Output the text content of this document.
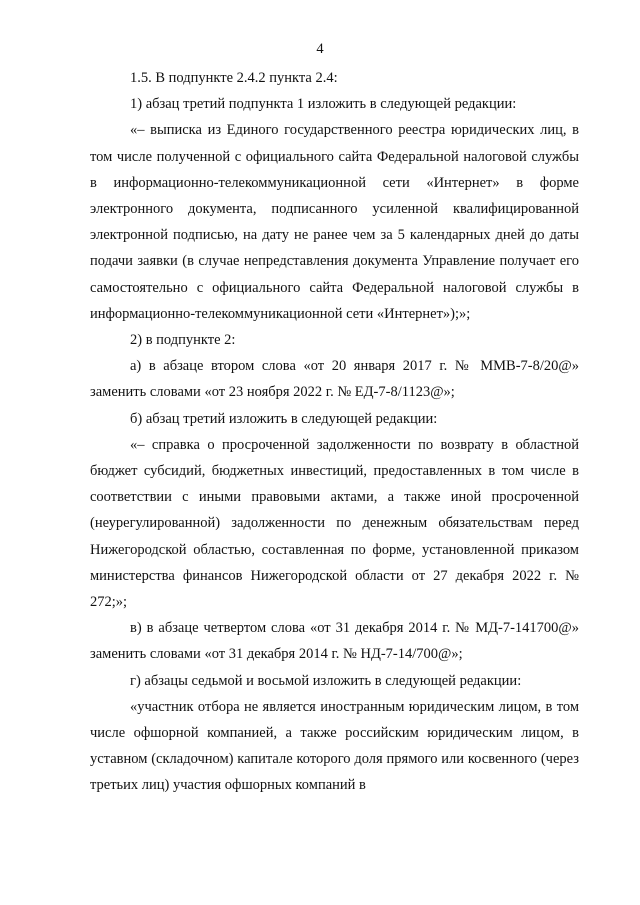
4

1.5. В подпункте 2.4.2 пункта 2.4:

1) абзац третий подпункта 1 изложить в следующей редакции:

«– выписка из Единого государственного реестра юридических лиц, в том числе полученной с официального сайта Федеральной налоговой службы в информационно-телекоммуникационной сети «Интернет» в форме электронного документа, подписанного усиленной квалифицированной электронной подписью, на дату не ранее чем за 5 календарных дней до даты подачи заявки (в случае непредставления документа Управление получает его самостоятельно с официального сайта Федеральной налоговой службы в информационно-телекоммуникационной сети «Интернет»);»;

2) в подпункте 2:

а) в абзаце втором слова «от 20 января 2017 г. № ММВ-7-8/20@» заменить словами «от 23 ноября 2022 г. № ЕД-7-8/1123@»;

б) абзац третий изложить в следующей редакции:

«– справка о просроченной задолженности по возврату в областной бюджет субсидий, бюджетных инвестиций, предоставленных в том числе в соответствии с иными правовыми актами, а также иной просроченной (неурегулированной) задолженности по денежным обязательствам перед Нижегородской областью, составленная по форме, установленной приказом министерства финансов Нижегородской области от 27 декабря 2022 г. № 272;»;

в) в абзаце четвертом слова «от 31 декабря 2014 г. № МД-7-141700@» заменить словами «от 31 декабря 2014 г. № НД-7-14/700@»;

г) абзацы седьмой и восьмой изложить в следующей редакции:

«участник отбора не является иностранным юридическим лицом, в том числе офшорной компанией, а также российским юридическим лицом, в уставном (складочном) капитале которого доля прямого или косвенного (через третьих лиц) участия офшорных компаний в
